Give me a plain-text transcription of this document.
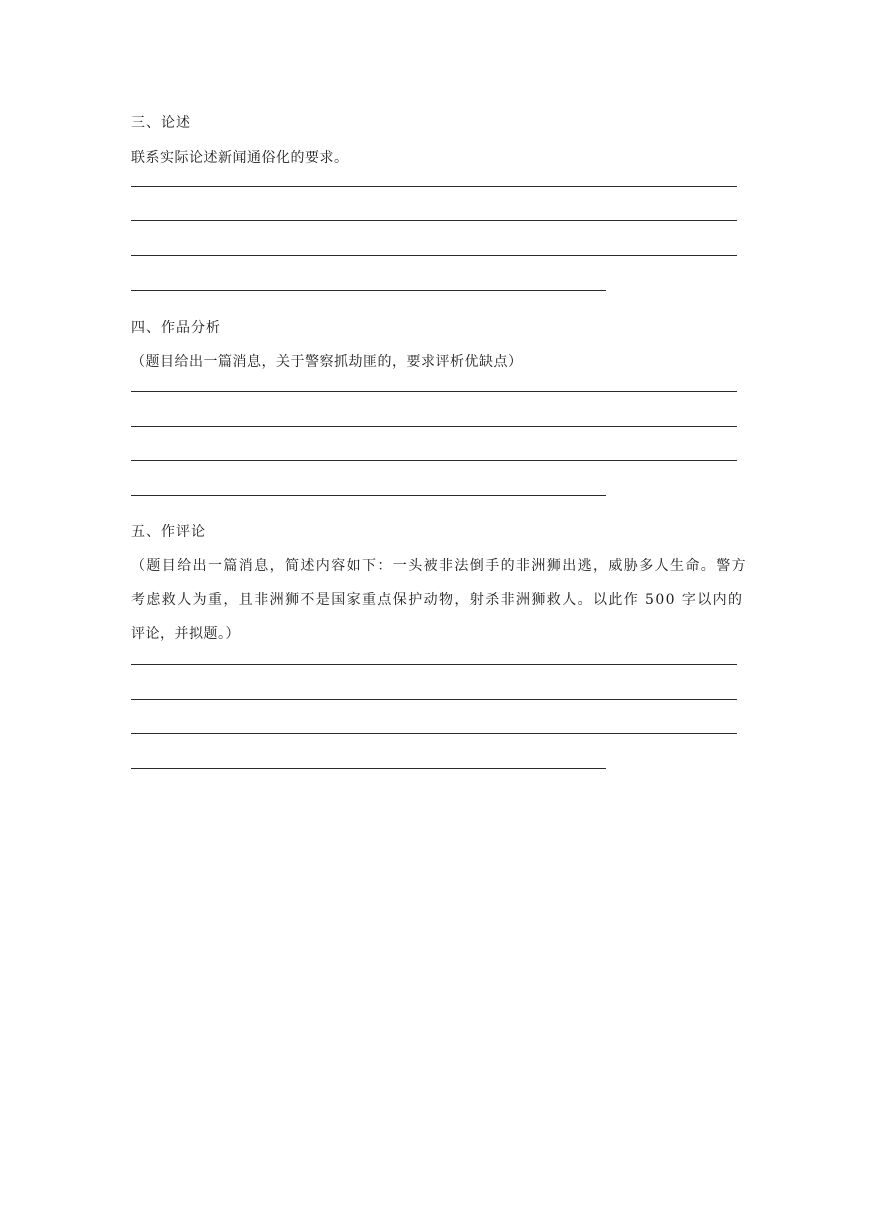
三、论述
联系实际论述新闻通俗化的要求。
四、作品分析
（题目给出一篇消息，关于警察抓劫匪的，要求评析优缺点）
五、作评论
（题目给出一篇消息，简述内容如下：一头被非法倒手的非洲狮出逃，威胁多人生命。警方
考虑救人为重，且非洲狮不是国家重点保护动物，射杀非洲狮救人。以此作 500 字以内的
评论，并拟题。）
